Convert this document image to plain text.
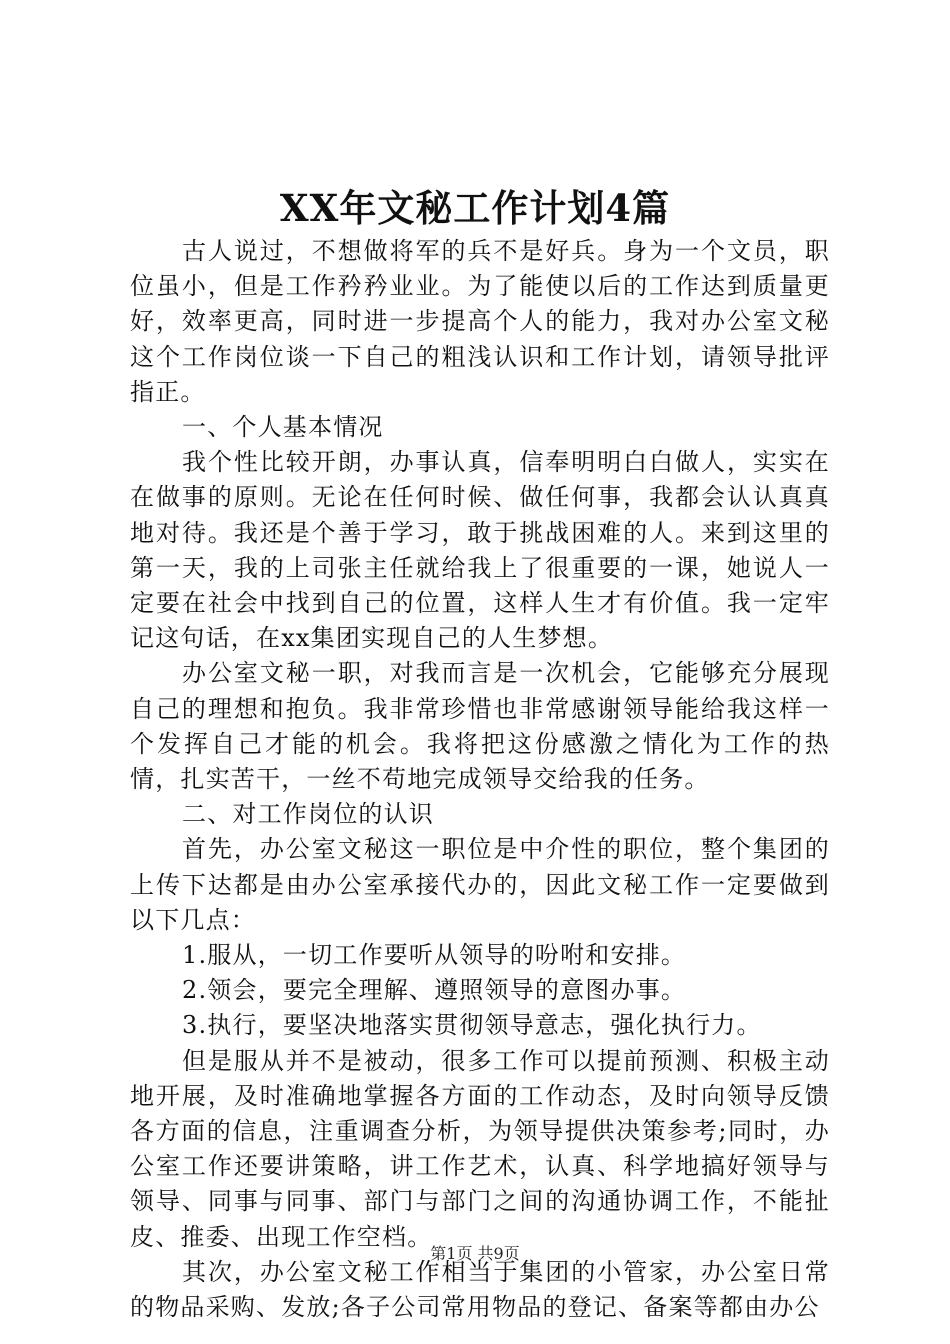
XX年文秘工作计划4篇

古人说过，不想做将军的兵不是好兵。身为一个文员，职位虽小，但是工作矜矜业业。为了能使以后的工作达到质量更好，效率更高，同时进一步提高个人的能力，我对办公室文秘这个工作岗位谈一下自己的粗浅认识和工作计划，请领导批评指正。

一、个人基本情况

我个性比较开朗，办事认真，信奉明明白白做人，实实在在做事的原则。无论在任何时候、做任何事，我都会认认真真地对待。我还是个善于学习，敢于挑战困难的人。来到这里的第一天，我的上司张主任就给我上了很重要的一课，她说人一定要在社会中找到自己的位置，这样人生才有价值。我一定牢记这句话，在xx集团实现自己的人生梦想。

办公室文秘一职，对我而言是一次机会，它能够充分展现自己的理想和抱负。我非常珍惜也非常感谢领导能给我这样一个发挥自己才能的机会。我将把这份感激之情化为工作的热情，扎实苦干，一丝不苟地完成领导交给我的任务。

二、对工作岗位的认识

首先，办公室文秘这一职位是中介性的职位，整个集团的上传下达都是由办公室承接代办的，因此文秘工作一定要做到以下几点：

1.服从，一切工作要听从领导的吩咐和安排。

2.领会，要完全理解、遵照领导的意图办事。

3.执行，要坚决地落实贯彻领导意志，强化执行力。

但是服从并不是被动，很多工作可以提前预测、积极主动地开展，及时准确地掌握各方面的工作动态，及时向领导反馈各方面的信息，注重调查分析，为领导提供决策参考;同时，办公室工作还要讲策略，讲工作艺术，认真、科学地搞好领导与领导、同事与同事、部门与部门之间的沟通协调工作，不能扯皮、推委、出现工作空档。

其次，办公室文秘工作相当于集团的小管家，办公室日常的物品采购、发放;各子公司常用物品的登记、备案等都由办公

第1页 共9页
